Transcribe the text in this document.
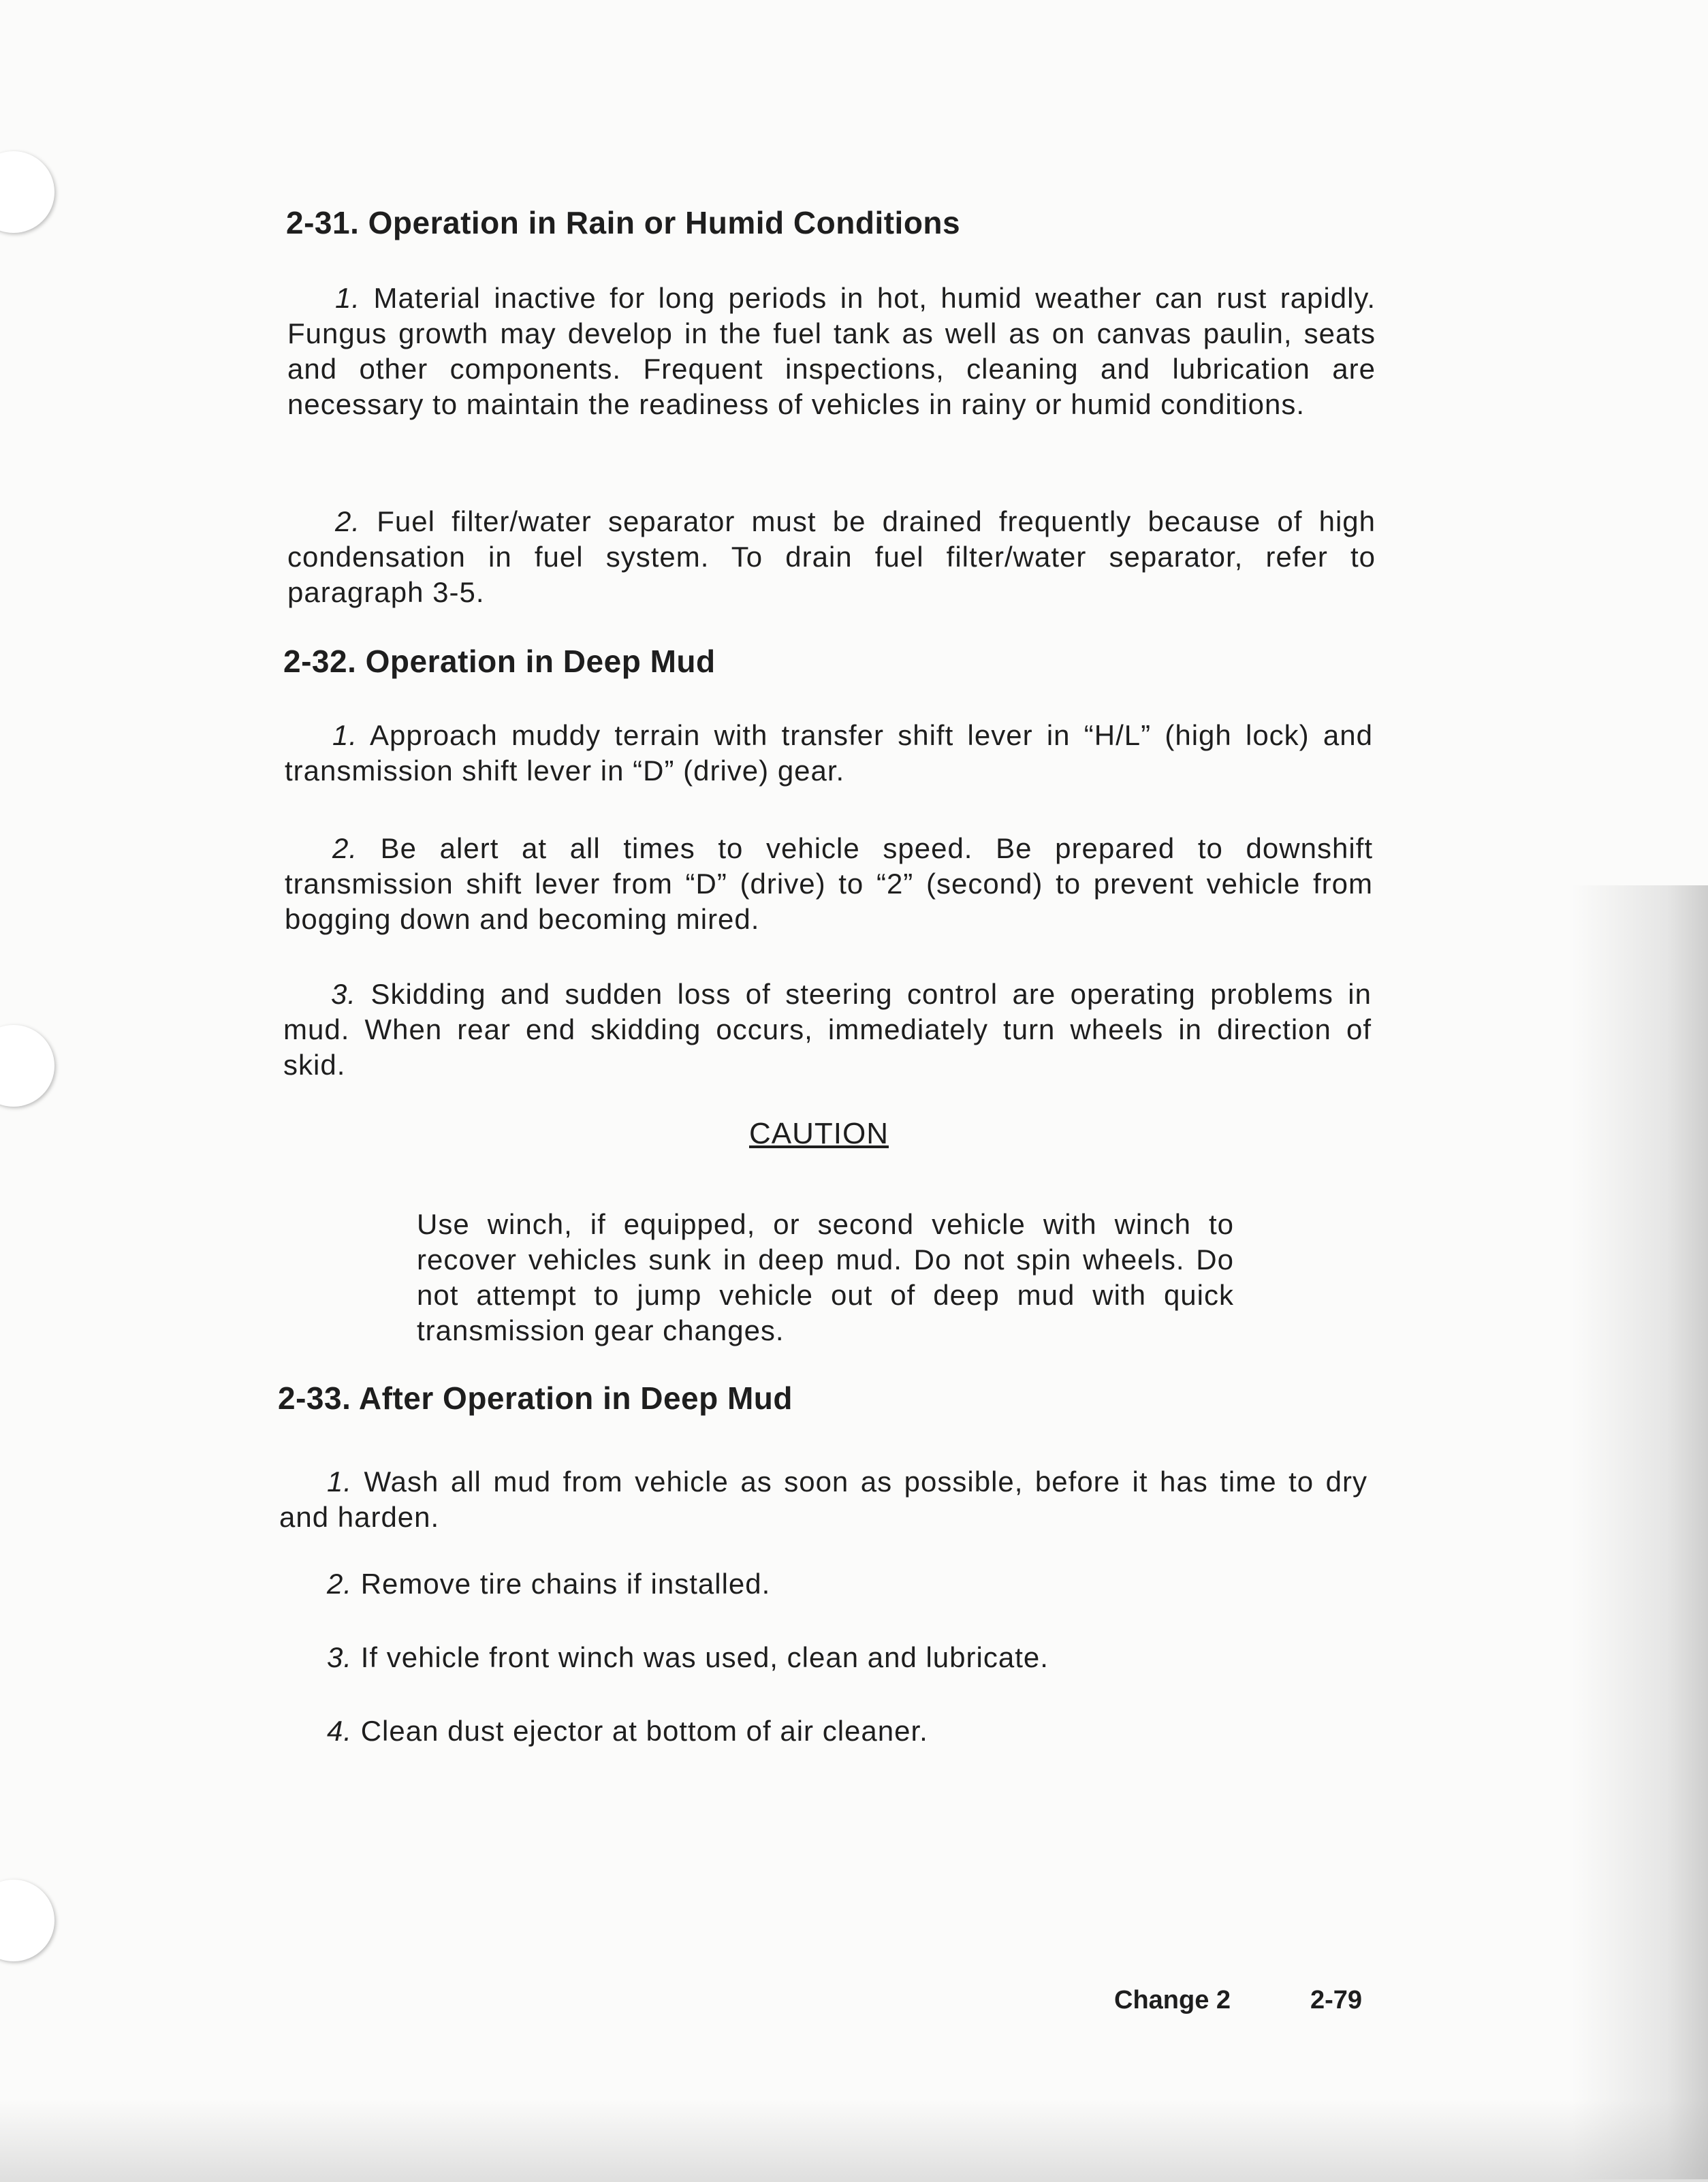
2-31. Operation in Rain or Humid Conditions
1. Material inactive for long periods in hot, humid weather can rust rapidly. Fungus growth may develop in the fuel tank as well as on canvas paulin, seats and other components. Frequent inspections, cleaning and lubrication are necessary to maintain the readiness of vehicles in rainy or humid conditions.
2. Fuel filter/water separator must be drained frequently because of high condensation in fuel system. To drain fuel filter/water separator, refer to paragraph 3-5.
2-32. Operation in Deep Mud
1. Approach muddy terrain with transfer shift lever in “H/L” (high lock) and transmission shift lever in “D” (drive) gear.
2. Be alert at all times to vehicle speed. Be prepared to downshift transmission shift lever from “D” (drive) to “2” (second) to prevent vehicle from bogging down and becoming mired.
3. Skidding and sudden loss of steering control are operating problems in mud. When rear end skidding occurs, immediately turn wheels in direction of skid.
CAUTION
Use winch, if equipped, or second vehicle with winch to recover vehicles sunk in deep mud. Do not spin wheels. Do not attempt to jump vehicle out of deep mud with quick transmission gear changes.
2-33. After Operation in Deep Mud
1. Wash all mud from vehicle as soon as possible, before it has time to dry and harden.
2. Remove tire chains if installed.
3. If vehicle front winch was used, clean and lubricate.
4. Clean dust ejector at bottom of air cleaner.
Change 2	2-79
